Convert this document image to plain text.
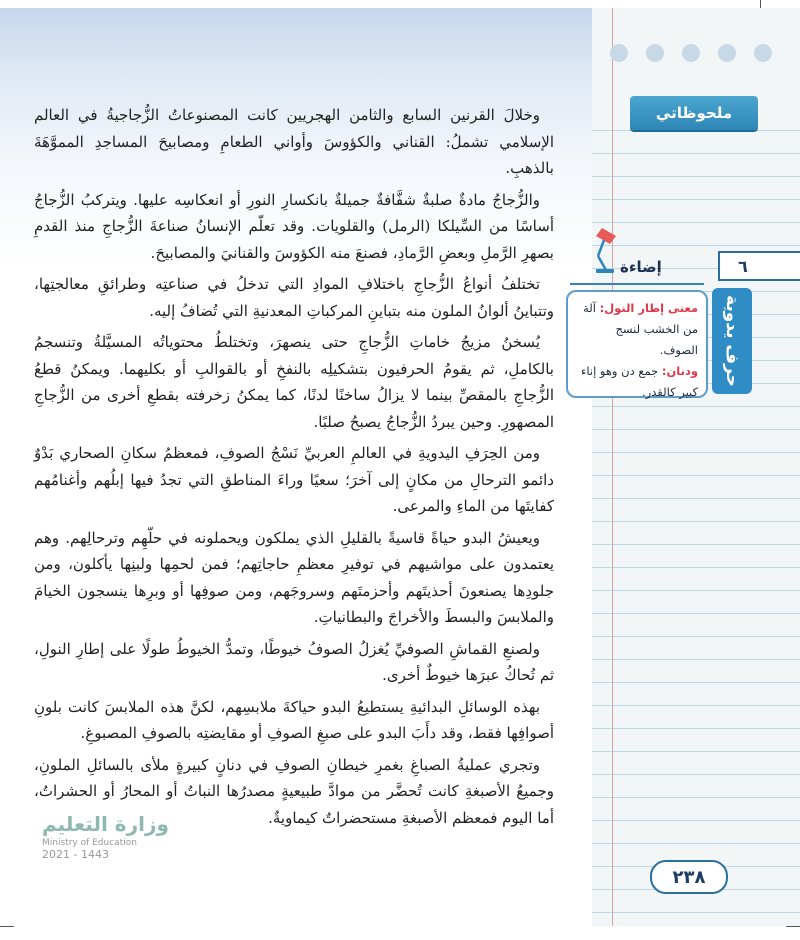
ملحوظاتي
٦
حرف يدوية
إضاءة
معنى إطار النول: آلة من الخشب لنسج الصوف.
ودنان: جمع دن وهو إناء كبير كالقدر.

وخلالَ القرنين السابع والثامن الهجريين كانت المصنوعاتُ الزُّجاجيةُ في العالم الإسلامي تشملُ: القناني والكؤوسَ وأواني الطعامِ ومصابيحَ المساجدِ المموَّهَةَ بالذهبِ.

والزُّجاجُ مادةٌ صلبةٌ شفَّافةٌ جميلةٌ بانكسارِ النورِ أو انعكاسِه عليها. ويتركبُ الزُّجاجُ أساسًا من السِّيلكا (الرمل) والقلويات. وقد تعلّم الإنسانُ صناعةَ الزُّجاجِ منذ القدمِ بصهرِ الرَّملِ وبعضِ الرَّمادِ، فصنعَ منه الكؤوسَ والقنانيَ والمصابيحَ.

تختلفُ أنواعُ الزُّجاجِ باختلافِ الموادِ التي تدخلُ في صناعتِه وطرائقِ معالجتِها، وتتباينُ ألوانُ الملون منه بتباينِ المركباتِ المعدنيةِ التي تُضافُ إليه.

يُسخنُ مزيجُ خاماتِ الزُّجاجِ حتى ينصهرَ، وتختلطُ محتوياتُه المسيَّلةُ وتنسجمُ بالكاملِ، ثم يقومُ الحرفيون بتشكيلِه بالنفخِ أو بالقوالبِ أو بكليهما. ويمكنُ قطعُ الزُّجاجِ بالمقصِّ بينما لا يزالُ ساخنًا لدنًا، كما يمكنُ زخرفته بقطعِ أخرى من الزُّجاجِ المصهورِ. وحين يبردُ الزُّجاجُ يصبحُ صلبًا.

ومن الحِرَفِ اليدويةِ في العالمِ العربيِّ نَسْجُ الصوفِ، فمعظمُ سكانِ الصحاري بَدْوٌ دائمو الترحالِ من مكانٍ إلى آخرَ؛ سعيًا وراءَ المناطقِ التي تجدُ فيها إبلُهم وأغنامُهم كفايتَها من الماءِ والمرعى.

ويعيشُ البدو حياةً قاسيةً بالقليلِ الذي يملكون ويحملونه في حلّهِم وترحالِهم. وهم يعتمدون على مواشيهم في توفيرِ معظمِ حاجاتِهم؛ فمن لحمِها ولبنِها يأكلون، ومن جلودِها يصنعونَ أحذيتَهم وأحزمتَهم وسروجَهم، ومن صوفِها أو وبرِها ينسجون الخيامَ والملابسَ والبسطَ والأخراجَ والبطانياتِ.

ولصنعِ القماشِ الصوفيِّ يُغزلُ الصوفُ خيوطًا، وتمدُّ الخيوطُ طولًا على إطارِ النولِ، ثم تُحاكُ عبرَها خيوطٌ أخرى.

بهذه الوسائلِ البدائيةِ يستطيعُ البدو حياكةَ ملابسِهم، لكنَّ هذه الملابسَ كانت بلونِ أصوافِها فقط، وقد دأَبَ البدو على صبغِ الصوفِ أو مقايضتِه بالصوفِ المصبوغِ.

وتجري عمليةُ الصباغِ بغمرِ خيطانِ الصوفِ في دنانٍ كبيرةٍ ملأى بالسائلِ الملونِ، وجميعُ الأصبغةِ كانت تُحضَّر من موادَّ طبيعيةٍ مصدرُها النباتُ أو المحارُ أو الحشراتُ، أما اليوم فمعظم الأصبغةِ مستحضراتٌ كيماويةٌ.

وزارة التعليم
Ministry of Education
2021 - 1443
٢٣٨
